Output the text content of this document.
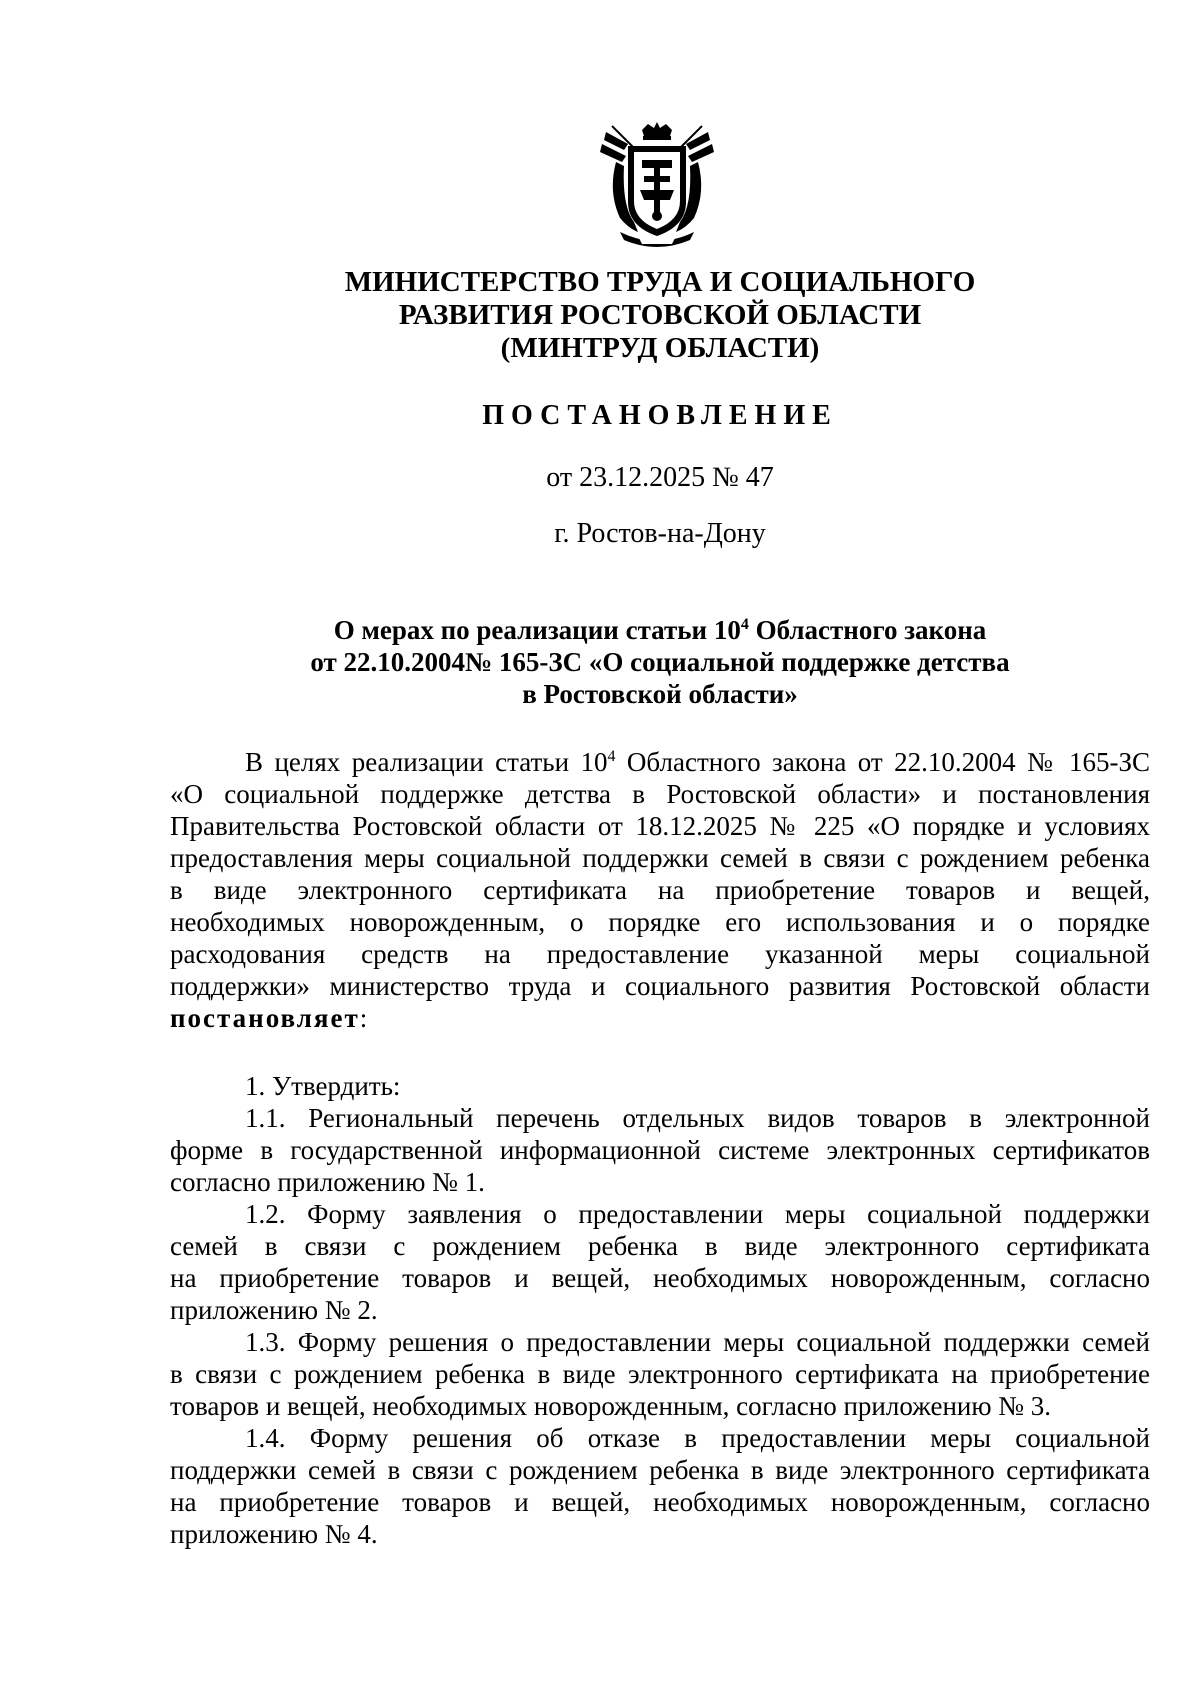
МИНИСТЕРСТВО ТРУДА И СОЦИАЛЬНОГО
РАЗВИТИЯ РОСТОВСКОЙ ОБЛАСТИ
(МИНТРУД ОБЛАСТИ)
ПОСТАНОВЛЕНИЕ
от 23.12.2025 № 47
г. Ростов-на-Дону
О мерах по реализации статьи $10^4$ Областного закона
от 22.10.2004№ 165-ЗС «О социальной поддержке детства
в Ростовской области»
В целях реализации статьи $10^4$ Областного закона от 22.10.2004 № 165-ЗС
«О социальной поддержке детства в Ростовской области» и постановления
Правительства Ростовской области от 18.12.2025 № 225 «О порядке и условиях
предоставления меры социальной поддержки семей в связи с рождением ребенка
в виде электронного сертификата на приобретение товаров и вещей,
необходимых новорожденным, о порядке его использования и о порядке
расходования средств на предоставление указанной меры социальной
поддержки» министерство труда и социального развития Ростовской области
постановляет:
1. Утвердить:
1.1. Региональный перечень отдельных видов товаров в электронной
форме в государственной информационной системе электронных сертификатов
согласно приложению № 1.
1.2. Форму заявления о предоставлении меры социальной поддержки
семей в связи с рождением ребенка в виде электронного сертификата
на приобретение товаров и вещей, необходимых новорожденным, согласно
приложению № 2.
1.3. Форму решения о предоставлении меры социальной поддержки семей
в связи с рождением ребенка в виде электронного сертификата на приобретение
товаров и вещей, необходимых новорожденным, согласно приложению № 3.
1.4. Форму решения об отказе в предоставлении меры социальной
поддержки семей в связи с рождением ребенка в виде электронного сертификата
на приобретение товаров и вещей, необходимых новорожденным, согласно
приложению № 4.
